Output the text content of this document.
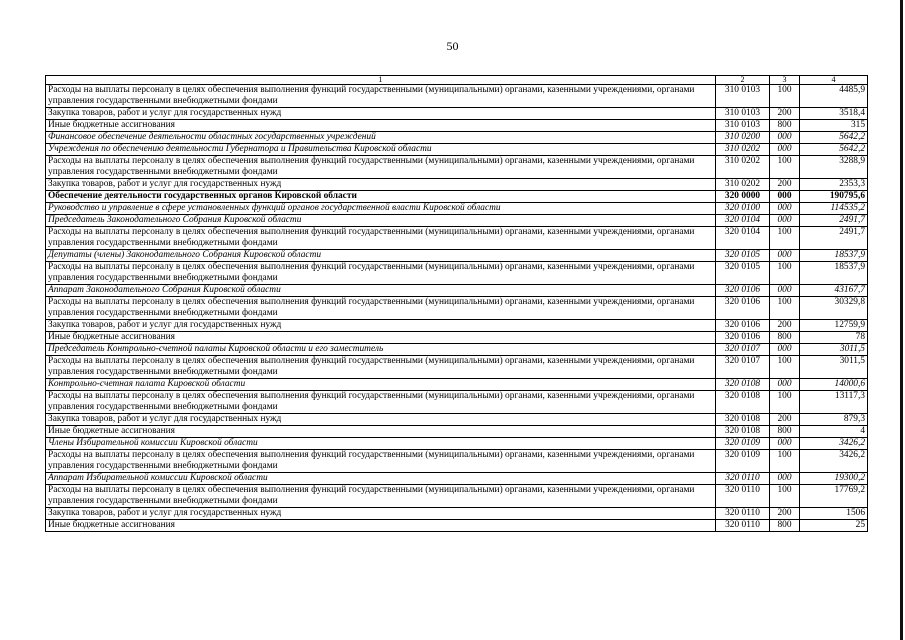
50
1	2	3	4
Расходы на выплаты персоналу в целях обеспечения выполнения функций государственными (муниципальными) органами, казенными учреждениями, органами управления государственными внебюджетными фондами	310 0103	100	4485,9
Закупка товаров, работ и услуг для государственных нужд	310 0103	200	3518,4
Иные бюджетные ассигнования	310 0103	800	315
Финансовое обеспечение деятельности областных государственных учреждений	310 0200	000	5642,2
Учреждения по обеспечению деятельности Губернатора и Правительства Кировской области	310 0202	000	5642,2
Расходы на выплаты персоналу в целях обеспечения выполнения функций государственными (муниципальными) органами, казенными учреждениями, органами управления государственными внебюджетными фондами	310 0202	100	3288,9
Закупка товаров, работ и услуг для государственных нужд	310 0202	200	2353,3
Обеспечение деятельности государственных органов Кировской области	320 0000	000	190795,6
Руководство и управление в сфере установленных функций органов государственной власти Кировской области	320 0100	000	114535,2
Председатель Законодательного Собрания Кировской области	320 0104	000	2491,7
Расходы на выплаты персоналу в целях обеспечения выполнения функций государственными (муниципальными) органами, казенными учреждениями, органами управления государственными внебюджетными фондами	320 0104	100	2491,7
Депутаты (члены) Законодательного Собрания Кировской области	320 0105	000	18537,9
Расходы на выплаты персоналу в целях обеспечения выполнения функций государственными (муниципальными) органами, казенными учреждениями, органами управления государственными внебюджетными фондами	320 0105	100	18537,9
Аппарат Законодательного Собрания Кировской области	320 0106	000	43167,7
Расходы на выплаты персоналу в целях обеспечения выполнения функций государственными (муниципальными) органами, казенными учреждениями, органами управления государственными внебюджетными фондами	320 0106	100	30329,8
Закупка товаров, работ и услуг для государственных нужд	320 0106	200	12759,9
Иные бюджетные ассигнования	320 0106	800	78
Председатель Контрольно-счетной палаты Кировской области и его заместитель	320 0107	000	3011,5
Расходы на выплаты персоналу в целях обеспечения выполнения функций государственными (муниципальными) органами, казенными учреждениями, органами управления государственными внебюджетными фондами	320 0107	100	3011,5
Контрольно-счетная палата Кировской области	320 0108	000	14000,6
Расходы на выплаты персоналу в целях обеспечения выполнения функций государственными (муниципальными) органами, казенными учреждениями, органами управления государственными внебюджетными фондами	320 0108	100	13117,3
Закупка товаров, работ и услуг для государственных нужд	320 0108	200	879,3
Иные бюджетные ассигнования	320 0108	800	4
Члены Избирательной комиссии Кировской области	320 0109	000	3426,2
Расходы на выплаты персоналу в целях обеспечения выполнения функций государственными (муниципальными) органами, казенными учреждениями, органами управления государственными внебюджетными фондами	320 0109	100	3426,2
Аппарат Избирательной комиссии Кировской области	320 0110	000	19300,2
Расходы на выплаты персоналу в целях обеспечения выполнения функций государственными (муниципальными) органами, казенными учреждениями, органами управления государственными внебюджетными фондами	320 0110	100	17769,2
Закупка товаров, работ и услуг для государственных нужд	320 0110	200	1506
Иные бюджетные ассигнования	320 0110	800	25
